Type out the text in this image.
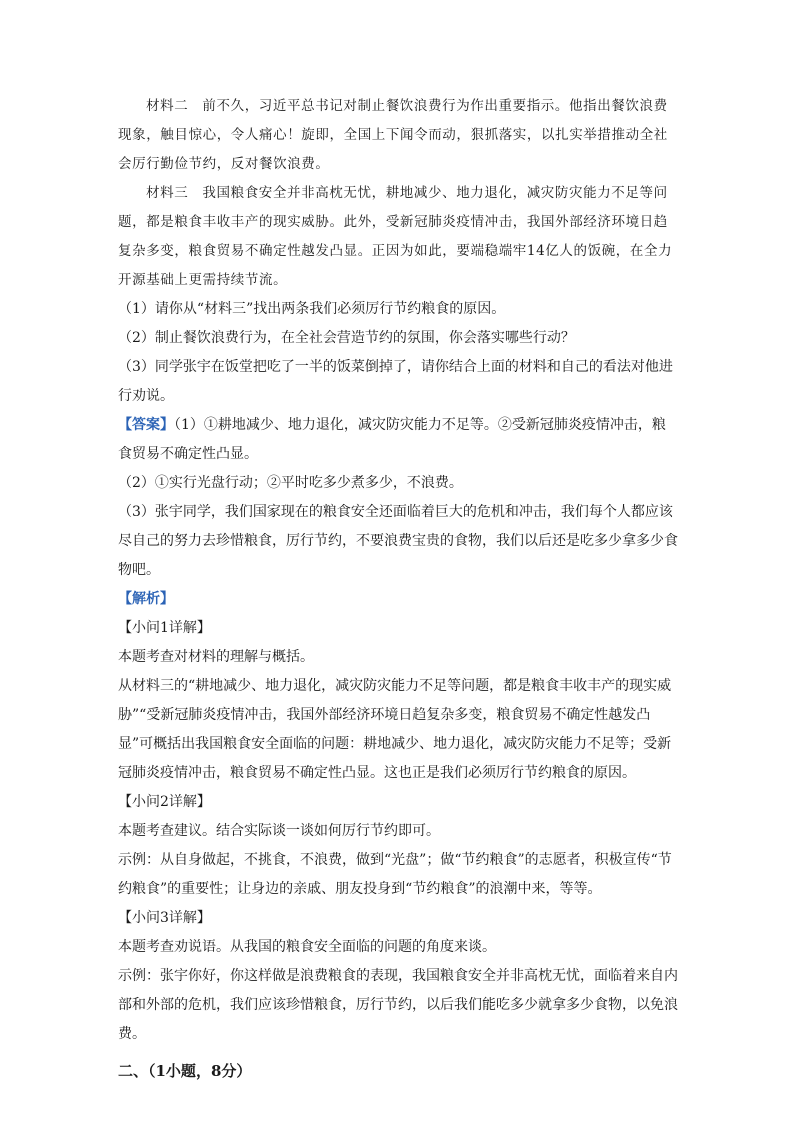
材料二　前不久，习近平总书记对制止餐饮浪费行为作出重要指示。他指出餐饮浪费现象，触目惊心，令人痛心！旋即，全国上下闻令而动，狠抓落实，以扎实举措推动全社会厉行勤俭节约，反对餐饮浪费。

材料三　我国粮食安全并非高枕无忧，耕地减少、地力退化，减灾防灾能力不足等问题，都是粮食丰收丰产的现实威胁。此外，受新冠肺炎疫情冲击，我国外部经济环境日趋复杂多变，粮食贸易不确定性越发凸显。正因为如此，要端稳端牢14亿人的饭碗，在全力开源基础上更需持续节流。

（1）请你从“材料三”找出两条我们必须厉行节约粮食的原因。

（2）制止餐饮浪费行为，在全社会营造节约的氛围，你会落实哪些行动？

（3）同学张宇在饭堂把吃了一半的饭菜倒掉了，请你结合上面的材料和自己的看法对他进行劝说。

【答案】（1）①耕地减少、地力退化，减灾防灾能力不足等。②受新冠肺炎疫情冲击，粮食贸易不确定性凸显。

（2）①实行光盘行动；②平时吃多少煮多少，不浪费。

（3）张宇同学，我们国家现在的粮食安全还面临着巨大的危机和冲击，我们每个人都应该尽自己的努力去珍惜粮食，厉行节约，不要浪费宝贵的食物，我们以后还是吃多少拿多少食物吧。

【解析】

【小问1详解】

本题考查对材料的理解与概括。

从材料三的“耕地减少、地力退化，减灾防灾能力不足等问题，都是粮食丰收丰产的现实威胁”“受新冠肺炎疫情冲击，我国外部经济环境日趋复杂多变，粮食贸易不确定性越发凸显”可概括出我国粮食安全面临的问题：耕地减少、地力退化，减灾防灾能力不足等；受新冠肺炎疫情冲击，粮食贸易不确定性凸显。这也正是我们必须厉行节约粮食的原因。

【小问2详解】

本题考查建议。结合实际谈一谈如何厉行节约即可。

示例：从自身做起，不挑食，不浪费，做到“光盘”；做“节约粮食”的志愿者，积极宣传“节约粮食”的重要性；让身边的亲戚、朋友投身到“节约粮食”的浪潮中来，等等。

【小问3详解】

本题考查劝说语。从我国的粮食安全面临的问题的角度来谈。

示例：张宇你好，你这样做是浪费粮食的表现，我国粮食安全并非高枕无忧，面临着来自内部和外部的危机，我们应该珍惜粮食，厉行节约，以后我们能吃多少就拿多少食物，以免浪费。

二、（1小题，8分）
